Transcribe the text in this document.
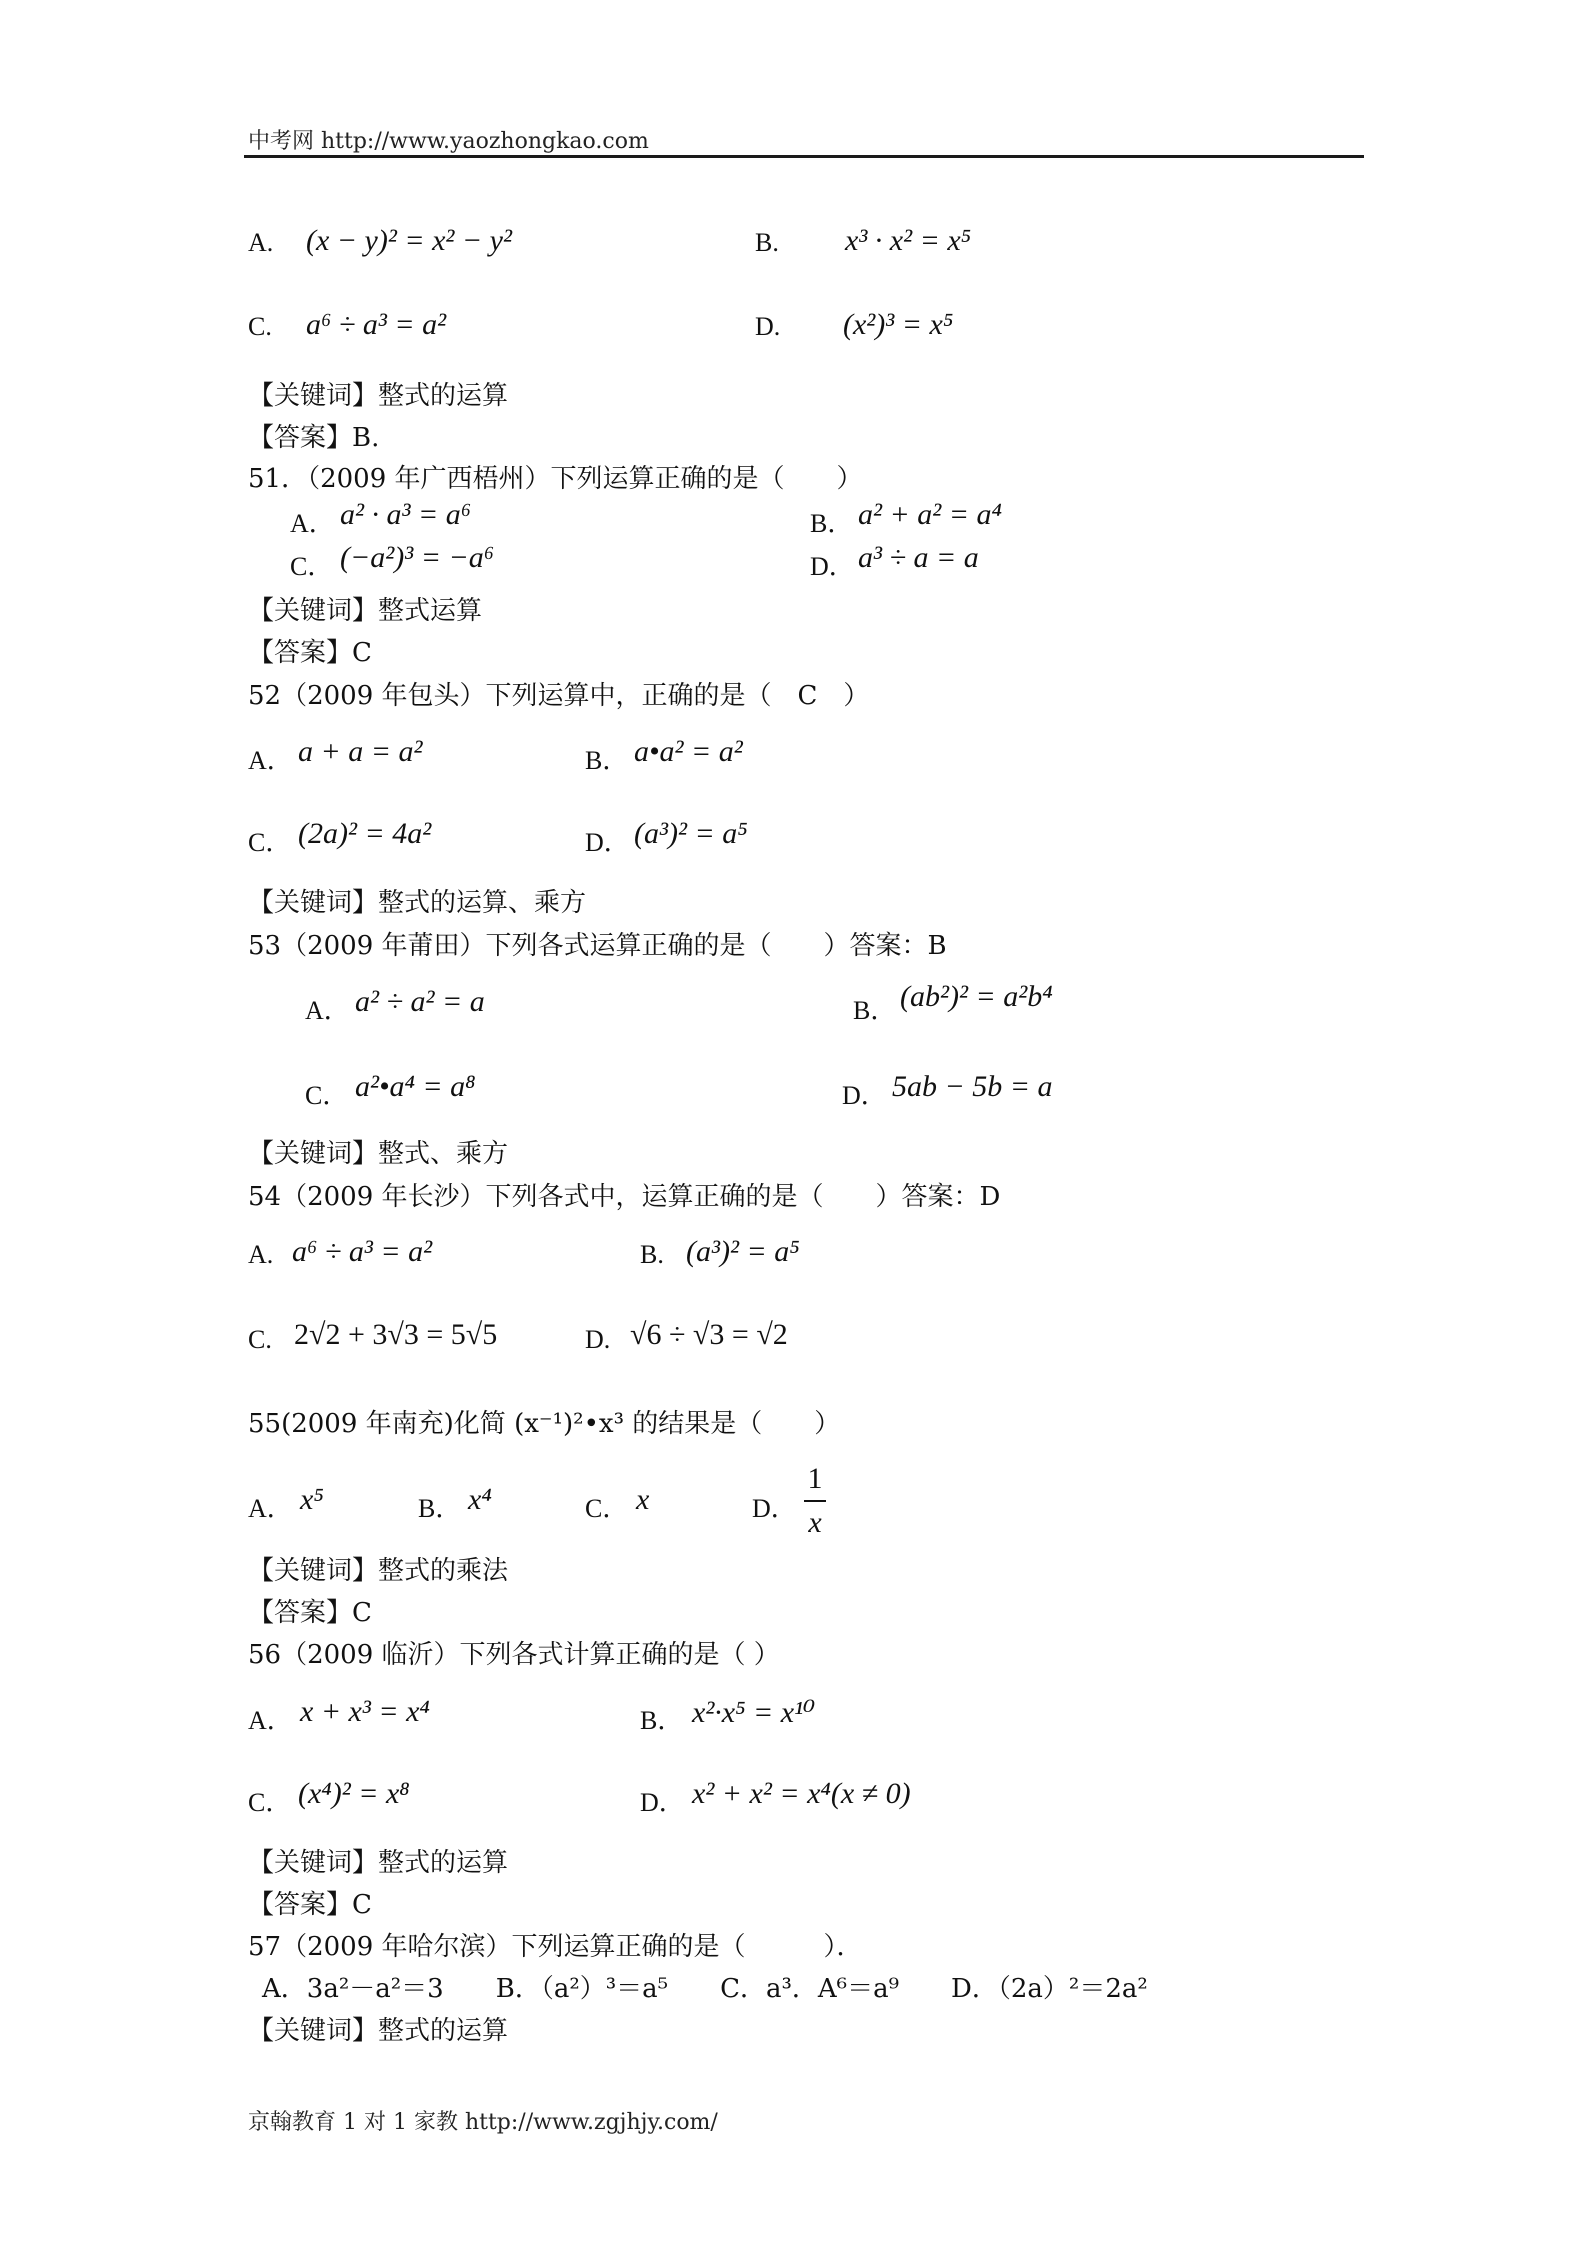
中考网 http://www.yaozhongkao.com
A. (x − y)² = x² − y²	B. x³ · x² = x⁵
C. a⁶ ÷ a³ = a²	D. (x²)³ = x⁵
【关键词】整式的运算
【答案】B.
51．（2009 年广西梧州）下列运算正确的是（　　）
A． a² · a³ = a⁶	B． a² + a² = a⁴
C． (−a²)³ = −a⁶	D． a³ ÷ a = a
【关键词】整式运算
【答案】C
52（2009 年包头）下列运算中，正确的是（　C　）
A． a + a = a²	B． a•a² = a²
C． (2a)² = 4a²	D． (a³)² = a⁵
【关键词】整式的运算、乘方
53（2009 年莆田）下列各式运算正确的是（　　）答案：B
A． a² ÷ a² = a	B． (ab²)² = a²b⁴
C． a²•a⁴ = a⁸	D． 5ab − 5b = a
【关键词】整式、乘方
54（2009 年长沙）下列各式中，运算正确的是（　　）答案：D
A. a⁶ ÷ a³ = a²	B. (a³)² = a⁵
C. 2√2 + 3√3 = 5√5	D. √6 ÷ √3 = √2
55(2009 年南充)化简 (x⁻¹)²•x³ 的结果是（　　）
A． x⁵	B． x⁴	C． x	D．
1
x
【关键词】整式的乘法
【答案】C
56（2009 临沂）下列各式计算正确的是（ ）
A． x + x³ = x⁴	B． x²·x⁵ = x¹⁰
C． (x⁴)² = x⁸	D． x² + x² = x⁴(x ≠ 0)
【关键词】整式的运算
【答案】C
57（2009 年哈尔滨）下列运算正确的是（　　　）．
A．3a²－a²＝3　　B．（a²）³＝a⁵　　C．a³．A⁶＝a⁹　　D．（2a）²＝2a²
【关键词】整式的运算
京翰教育 1 对 1 家教 http://www.zgjhjy.com/
